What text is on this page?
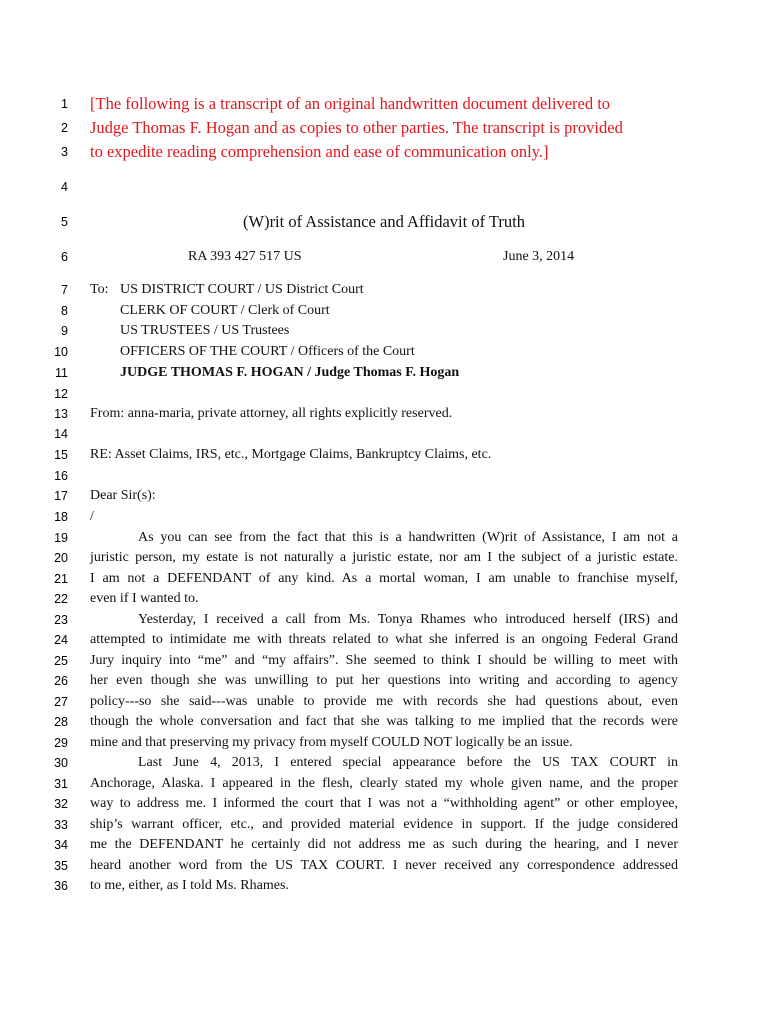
1 [The following is a transcript of an original handwritten document delivered to
2 Judge Thomas F. Hogan and as copies to other parties. The transcript is provided
3 to expedite reading comprehension and ease of communication only.]
4
5	(W)rit of Assistance and Affidavit of Truth
6	RA 393 427 517 US	June 3, 2014
7 To: US DISTRICT COURT / US District Court
8	CLERK OF COURT / Clerk of Court
9	US TRUSTEES / US Trustees
10	OFFICERS OF THE COURT / Officers of the Court
11	JUDGE THOMAS F. HOGAN / Judge Thomas F. Hogan
12
13 From: anna-maria, private attorney, all rights explicitly reserved.
14
15 RE: Asset Claims, IRS, etc., Mortgage Claims, Bankruptcy Claims, etc.
16
17 Dear Sir(s):
18 /
19	As you can see from the fact that this is a handwritten (W)rit of Assistance, I am not a
20 juristic person, my estate is not naturally a juristic estate, nor am I the subject of a juristic estate.
21 I am not a DEFENDANT of any kind. As a mortal woman, I am unable to franchise myself,
22 even if I wanted to.
23	Yesterday, I received a call from Ms. Tonya Rhames who introduced herself (IRS) and
24 attempted to intimidate me with threats related to what she inferred is an ongoing Federal Grand
25 Jury inquiry into “me” and “my affairs”. She seemed to think I should be willing to meet with
26 her even though she was unwilling to put her questions into writing and according to agency
27 policy---so she said---was unable to provide me with records she had questions about, even
28 though the whole conversation and fact that she was talking to me implied that the records were
29 mine and that preserving my privacy from myself COULD NOT logically be an issue.
30	Last June 4, 2013, I entered special appearance before the US TAX COURT in
31 Anchorage, Alaska. I appeared in the flesh, clearly stated my whole given name, and the proper
32 way to address me. I informed the court that I was not a “withholding agent” or other employee,
33 ship’s warrant officer, etc., and provided material evidence in support. If the judge considered
34 me the DEFENDANT he certainly did not address me as such during the hearing, and I never
35 heard another word from the US TAX COURT. I never received any correspondence addressed
36 to me, either, as I told Ms. Rhames.
